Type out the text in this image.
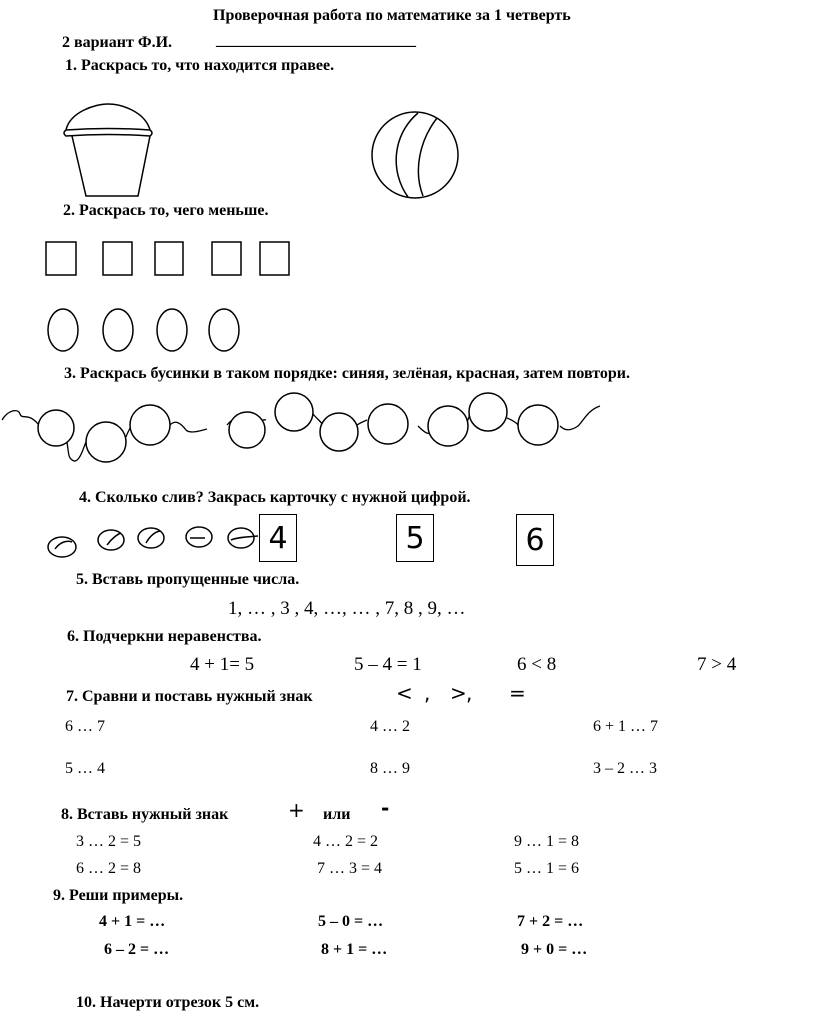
Проверочная работа по математике за 1 четверть
2 вариант Ф.И.	_________________________
1. Раскрась то, что находится правее.
2. Раскрась то, чего меньше.
3. Раскрась бусинки в таком порядке: синяя, зелёная, красная, затем повтори.
4. Сколько слив? Закрась карточку с нужной цифрой.
4	5	6
5. Вставь пропущенные числа.
1, … , 3 , 4, …, … , 7, 8 , 9, …
6. Подчеркни неравенства.
4 + 1= 5	5 – 4 = 1	6 < 8	7 > 4
7. Сравни и поставь нужный знак	< , > , =
6 … 7	4 … 2	6 + 1 … 7
5 … 4	8 … 9	3 – 2 … 3
8. Вставь нужный знак	+ или -
3 … 2 = 5	4 … 2 = 2	9 … 1 = 8
6 … 2 = 8	7 … 3 = 4	5 … 1 = 6
9. Реши примеры.
4 + 1 = …	5 – 0 = …	7 + 2 = …
6 – 2 = …	8 + 1 = …	9 + 0 = …
10. Начерти отрезок 5 см.
